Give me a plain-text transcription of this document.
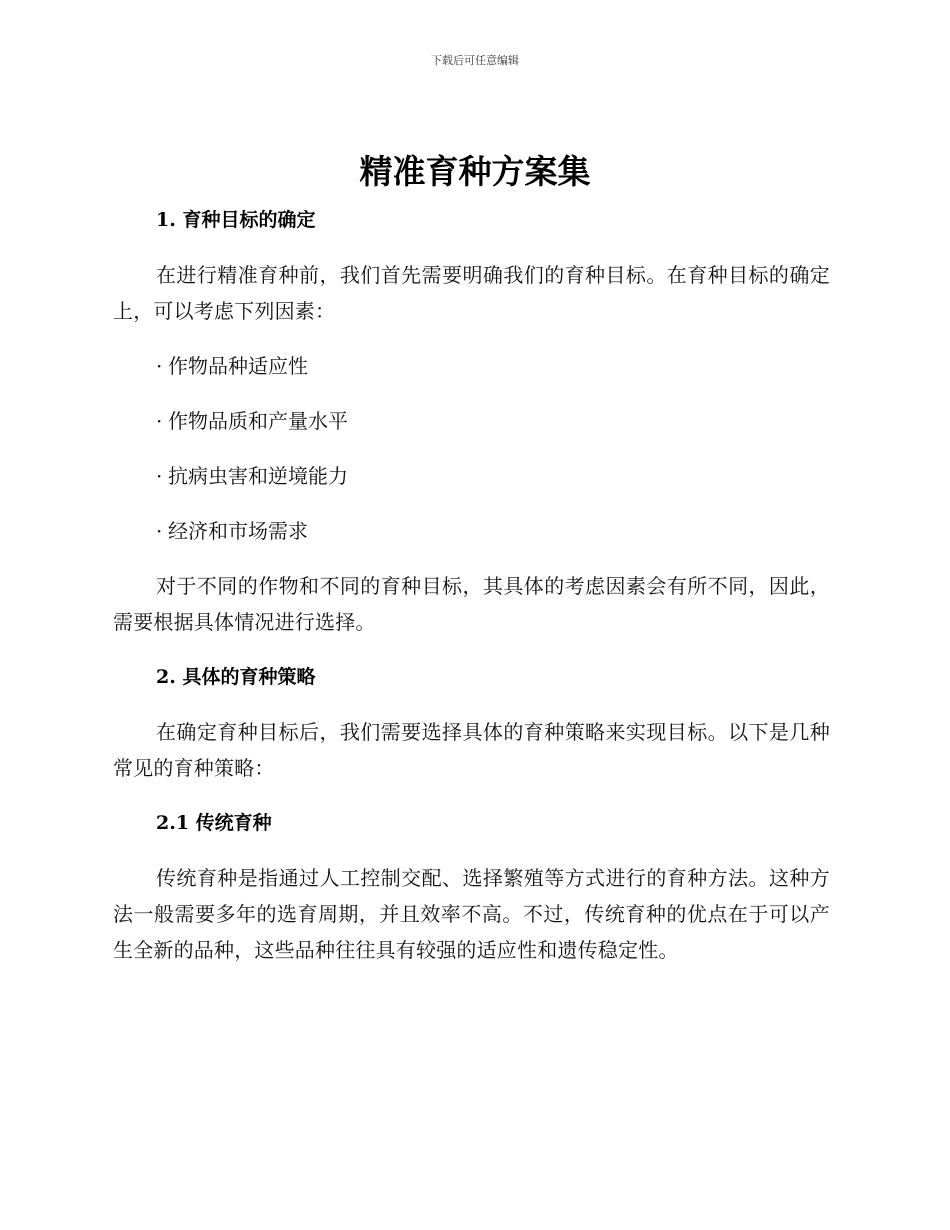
下载后可任意编辑
精准育种方案集
1. 育种目标的确定

在进行精准育种前，我们首先需要明确我们的育种目标。在育种目标的确定上，可以考虑下列因素：

· 作物品种适应性
· 作物品质和产量水平
· 抗病虫害和逆境能力
· 经济和市场需求

对于不同的作物和不同的育种目标，其具体的考虑因素会有所不同，因此，需要根据具体情况进行选择。

2. 具体的育种策略

在确定育种目标后，我们需要选择具体的育种策略来实现目标。以下是几种常见的育种策略：

2.1 传统育种

传统育种是指通过人工控制交配、选择繁殖等方式进行的育种方法。这种方法一般需要多年的选育周期，并且效率不高。不过，传统育种的优点在于可以产生全新的品种，这些品种往往具有较强的适应性和遗传稳定性。
